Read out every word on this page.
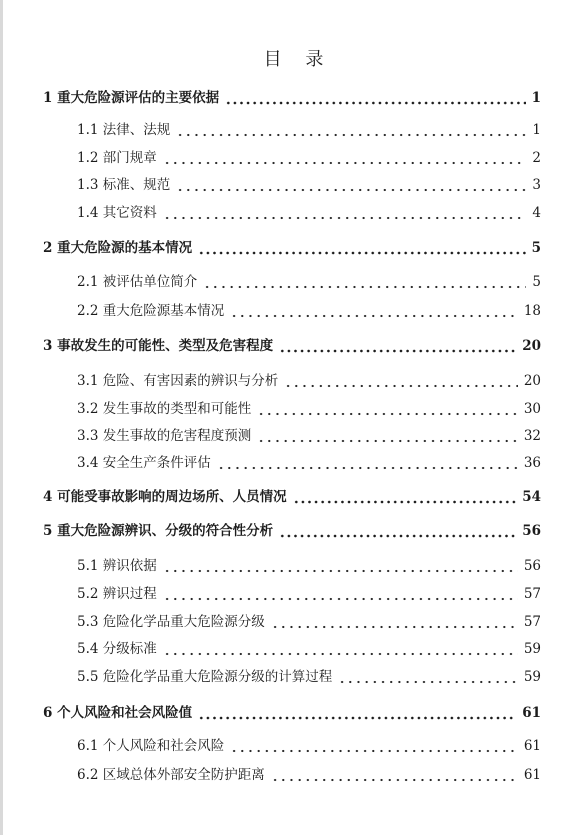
目 录
1 重大危险源评估的主要依据	1
1.1 法律、法规	1
1.2 部门规章	2
1.3 标准、规范	3
1.4 其它资料	4
2 重大危险源的基本情况	5
2.1 被评估单位简介	5
2.2 重大危险源基本情况	18
3 事故发生的可能性、类型及危害程度	20
3.1 危险、有害因素的辨识与分析	20
3.2 发生事故的类型和可能性	30
3.3 发生事故的危害程度预测	32
3.4 安全生产条件评估	36
4 可能受事故影响的周边场所、人员情况	54
5 重大危险源辨识、分级的符合性分析	56
5.1 辨识依据	56
5.2 辨识过程	57
5.3 危险化学品重大危险源分级	57
5.4 分级标准	59
5.5 危险化学品重大危险源分级的计算过程	59
6 个人风险和社会风险值	61
6.1 个人风险和社会风险	61
6.2 区域总体外部安全防护距离	61
